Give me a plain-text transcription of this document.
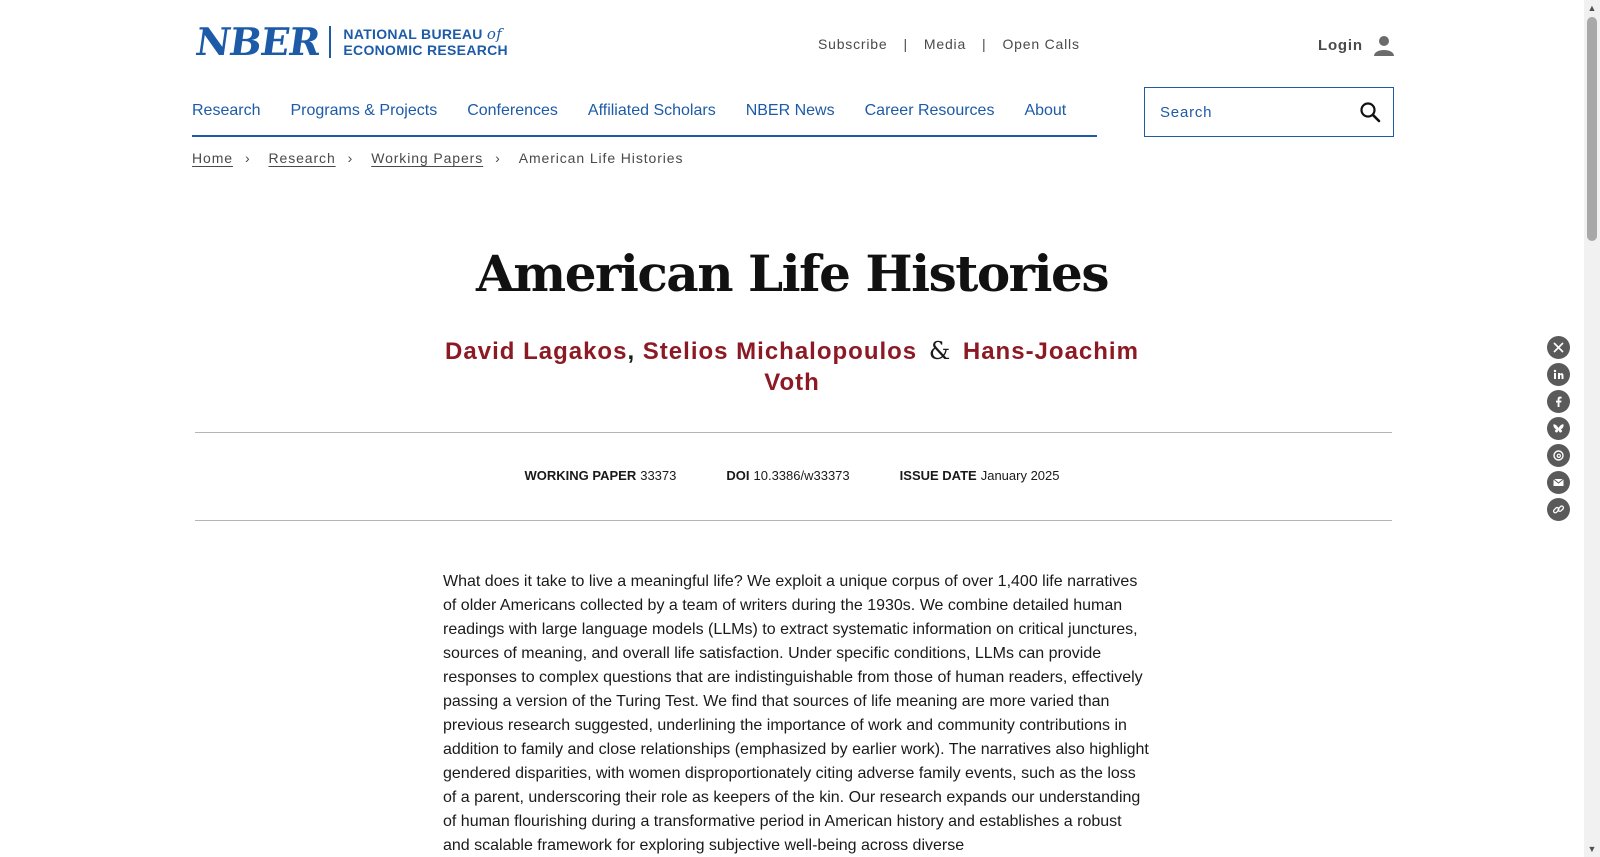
NBER NATIONAL BUREAU of
ECONOMIC RESEARCH	Subscribe | Media | Open Calls	Login
Research Programs & Projects Conferences Affiliated Scholars NBER News Career Resources About
Search
Home › Research › Working Papers › American Life Histories
American Life Histories
David Lagakos, Stelios Michalopoulos & Hans-Joachim Voth
WORKING PAPER 33373	DOI 10.3386/w33373	ISSUE DATE January 2025

What does it take to live a meaningful life? We exploit a unique corpus of over 1,400 life narratives of older Americans collected by a team of writers during the 1930s. We combine detailed human readings with large language models (LLMs) to extract systematic information on critical junctures, sources of meaning, and overall life satisfaction. Under specific conditions, LLMs can provide responses to complex questions that are indistinguishable from those of human readers, effectively passing a version of the Turing Test. We find that sources of life meaning are more varied than previous research suggested, underlining the importance of work and community contributions in addition to family and close relationships (emphasized by earlier work). The narratives also highlight gendered disparities, with women disproportionately citing adverse family events, such as the loss of a parent, underscoring their role as keepers of the kin. Our research expands our understanding of human flourishing during a transformative period in American history and establishes a robust and scalable framework for exploring subjective well-being across diverse

▲
▼
